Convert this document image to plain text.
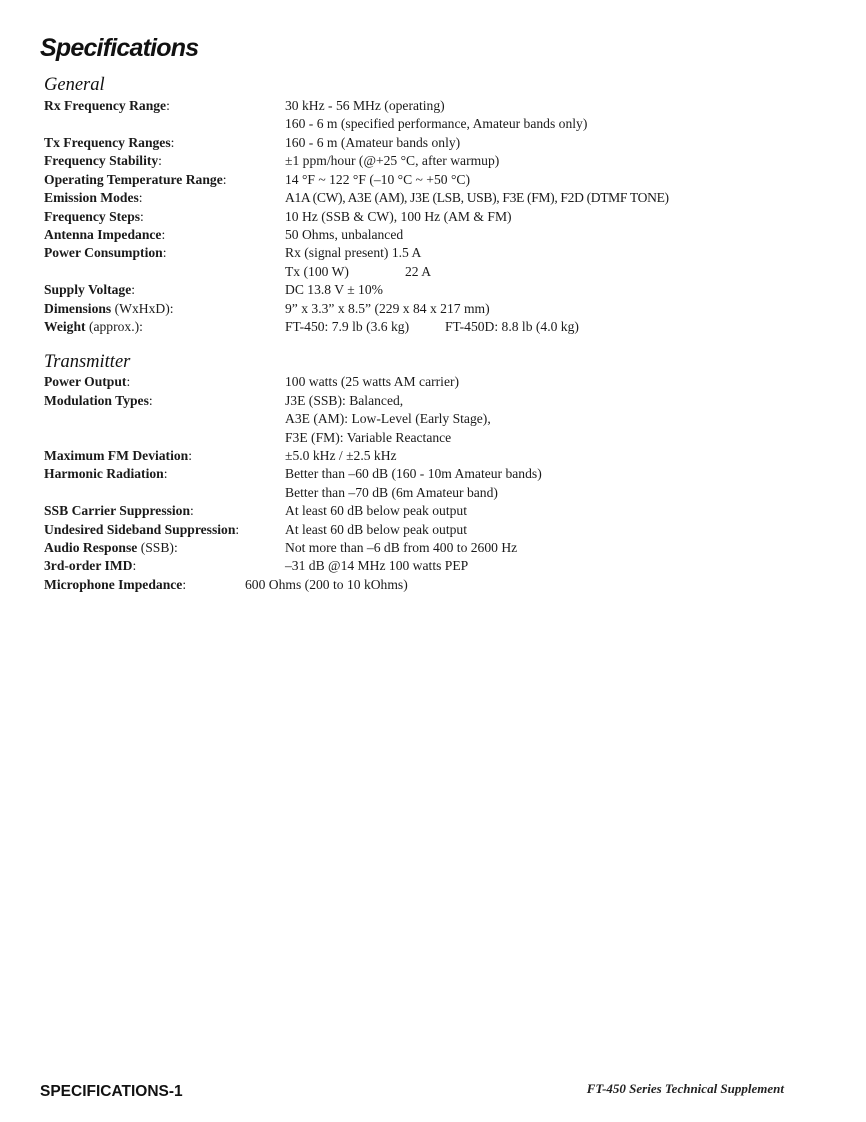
Specifications
General
Rx Frequency Range:	30 kHz - 56 MHz (operating)
160 - 6 m (specified performance, Amateur bands only)
Tx Frequency Ranges:	160 - 6 m (Amateur bands only)
Frequency Stability:	±1 ppm/hour (@+25 °C, after warmup)
Operating Temperature Range:	14 °F ~ 122 °F (–10 °C ~ +50 °C)
Emission Modes:	A1A (CW), A3E (AM), J3E (LSB, USB), F3E (FM), F2D (DTMF TONE)
Frequency Steps:	10 Hz (SSB & CW), 100 Hz (AM & FM)
Antenna Impedance:	50 Ohms, unbalanced
Power Consumption:	Rx (signal present) 1.5 A
Tx (100 W)	22 A
Supply Voltage:	DC 13.8 V ± 10%
Dimensions (WxHxD):	9” x 3.3” x 8.5” (229 x 84 x 217 mm)
Weight (approx.):	FT-450: 7.9 lb (3.6 kg)	FT-450D: 8.8 lb (4.0 kg)
Transmitter
Power Output:	100 watts (25 watts AM carrier)
Modulation Types:	J3E (SSB): Balanced,
A3E (AM): Low-Level (Early Stage),
F3E (FM): Variable Reactance
Maximum FM Deviation:	±5.0 kHz / ±2.5 kHz
Harmonic Radiation:	Better than –60 dB (160 - 10m Amateur bands)
Better than –70 dB (6m Amateur band)
SSB Carrier Suppression:	At least 60 dB below peak output
Undesired Sideband Suppression:	At least 60 dB below peak output
Audio Response (SSB):	Not more than –6 dB from 400 to 2600 Hz
3rd-order IMD:	–31 dB @14 MHz 100 watts PEP
Microphone Impedance:	600 Ohms (200 to 10 kOhms)
SPECIFICATIONS-1	FT-450 Series Technical Supplement
